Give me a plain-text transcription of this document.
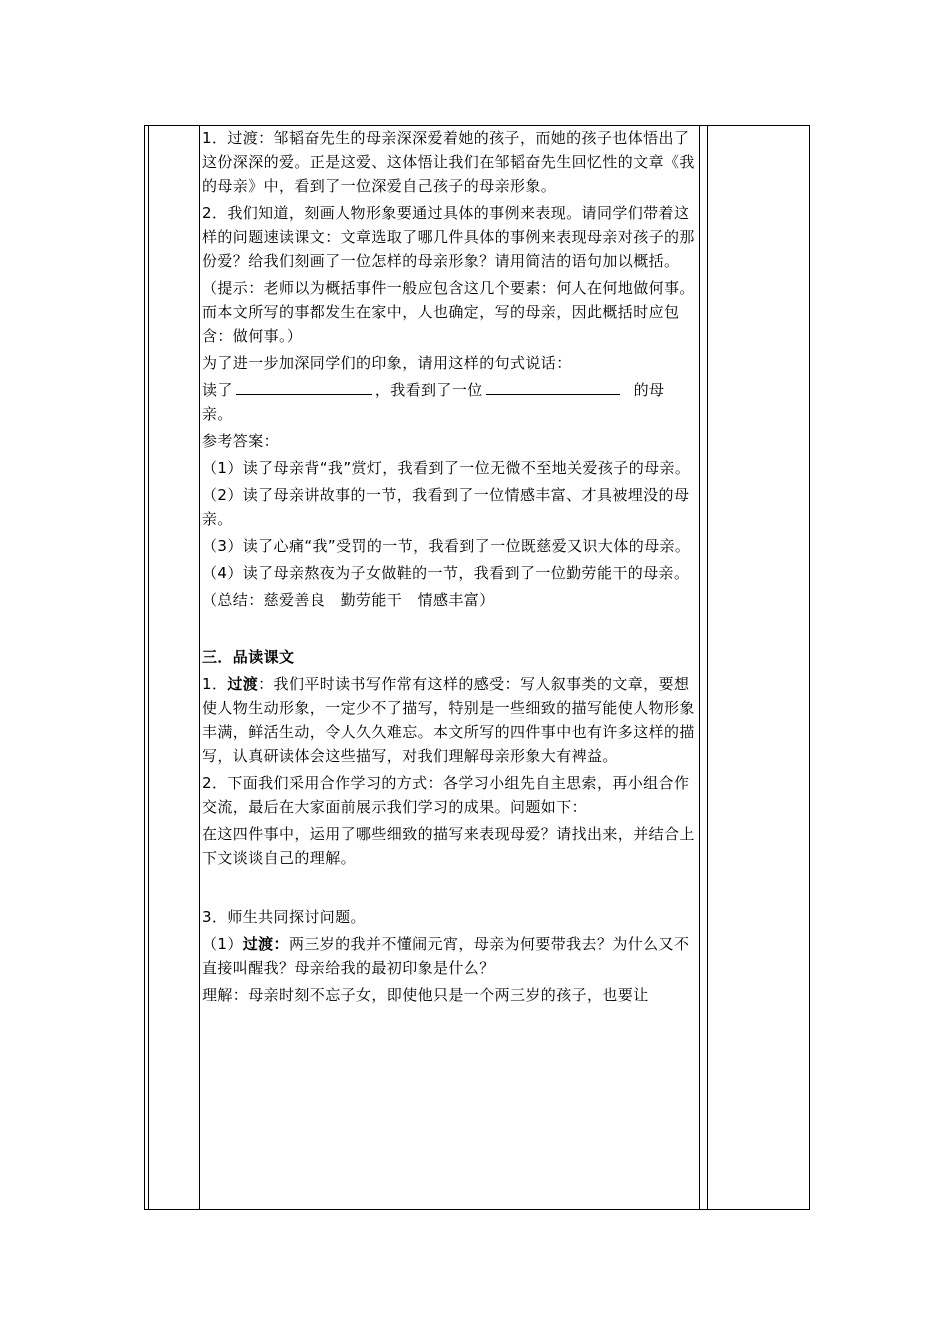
1．过渡：邹韬奋先生的母亲深深爱着她的孩子，而她的孩子也体悟出了这份深深的爱。正是这爱、这体悟让我们在邹韬奋先生回忆性的文章《我的母亲》中，看到了一位深爱自己孩子的母亲形象。

2．我们知道，刻画人物形象要通过具体的事例来表现。请同学们带着这样的问题速读课文：文章选取了哪几件具体的事例来表现母亲对孩子的那份爱？给我们刻画了一位怎样的母亲形象？请用简洁的语句加以概括。

（提示：老师以为概括事件一般应包含这几个要素：何人在何地做何事。而本文所写的事都发生在家中，人也确定，写的母亲，因此概括时应包含：做何事。）

为了进一步加深同学们的印象，请用这样的句式说话：

读了	，我看到了一位	的母亲。

参考答案：

（1）读了母亲背“我”赏灯，我看到了一位无微不至地关爱孩子的母亲。

（2）读了母亲讲故事的一节，我看到了一位情感丰富、才具被埋没的母亲。

（3）读了心痛“我”受罚的一节，我看到了一位既慈爱又识大体的母亲。

（4）读了母亲熬夜为子女做鞋的一节，我看到了一位勤劳能干的母亲。

（总结：慈爱善良　勤劳能干　情感丰富）

三．品读课文

1．过渡：我们平时读书写作常有这样的感受：写人叙事类的文章，要想使人物生动形象，一定少不了描写，特别是一些细致的描写能使人物形象丰满，鲜活生动，令人久久难忘。本文所写的四件事中也有许多这样的描写，认真研读体会这些描写，对我们理解母亲形象大有裨益。

2．下面我们采用合作学习的方式：各学习小组先自主思索，再小组合作交流，最后在大家面前展示我们学习的成果。问题如下：

在这四件事中，运用了哪些细致的描写来表现母爱？请找出来，并结合上下文谈谈自己的理解。

3．师生共同探讨问题。

（1）过渡：两三岁的我并不懂闹元宵，母亲为何要带我去？为什么又不直接叫醒我？母亲给我的最初印象是什么？

理解：母亲时刻不忘子女，即使他只是一个两三岁的孩子，也要让
